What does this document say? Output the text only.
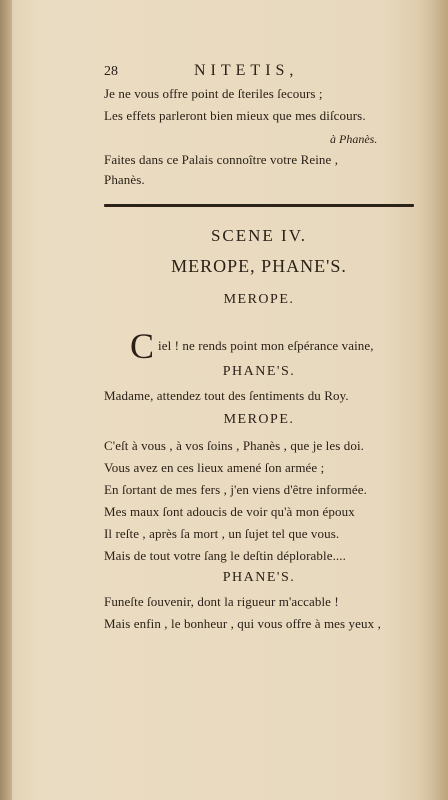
28	NITETIS,
Je ne vous offre point de ſteriles ſecours ;
Les effets parleront bien mieux que mes diſcours.
à Phanès.
Faites dans ce Palais connoître votre Reine ,
Phanès.
SCENE IV.
MEROPE, PHANE'S.
MEROPE.
C iel ! ne rends point mon eſpérance vaine,
PHANE'S.
Madame, attendez tout des ſentiments du Roy.
MEROPE.
C'eſt à vous , à vos ſoins , Phanès , que je les doi.
Vous avez en ces lieux amené ſon armée ;
En ſortant de mes fers , j'en viens d'être informée.
Mes maux ſont adoucis de voir qu'à mon époux
Il reſte , après ſa mort , un ſujet tel que vous.
Mais de tout votre ſang le deſtin déplorable....
PHANE'S.
Funeſte ſouvenir, dont la rigueur m'accable !
Mais enfin , le bonheur , qui vous offre à mes yeux ,
